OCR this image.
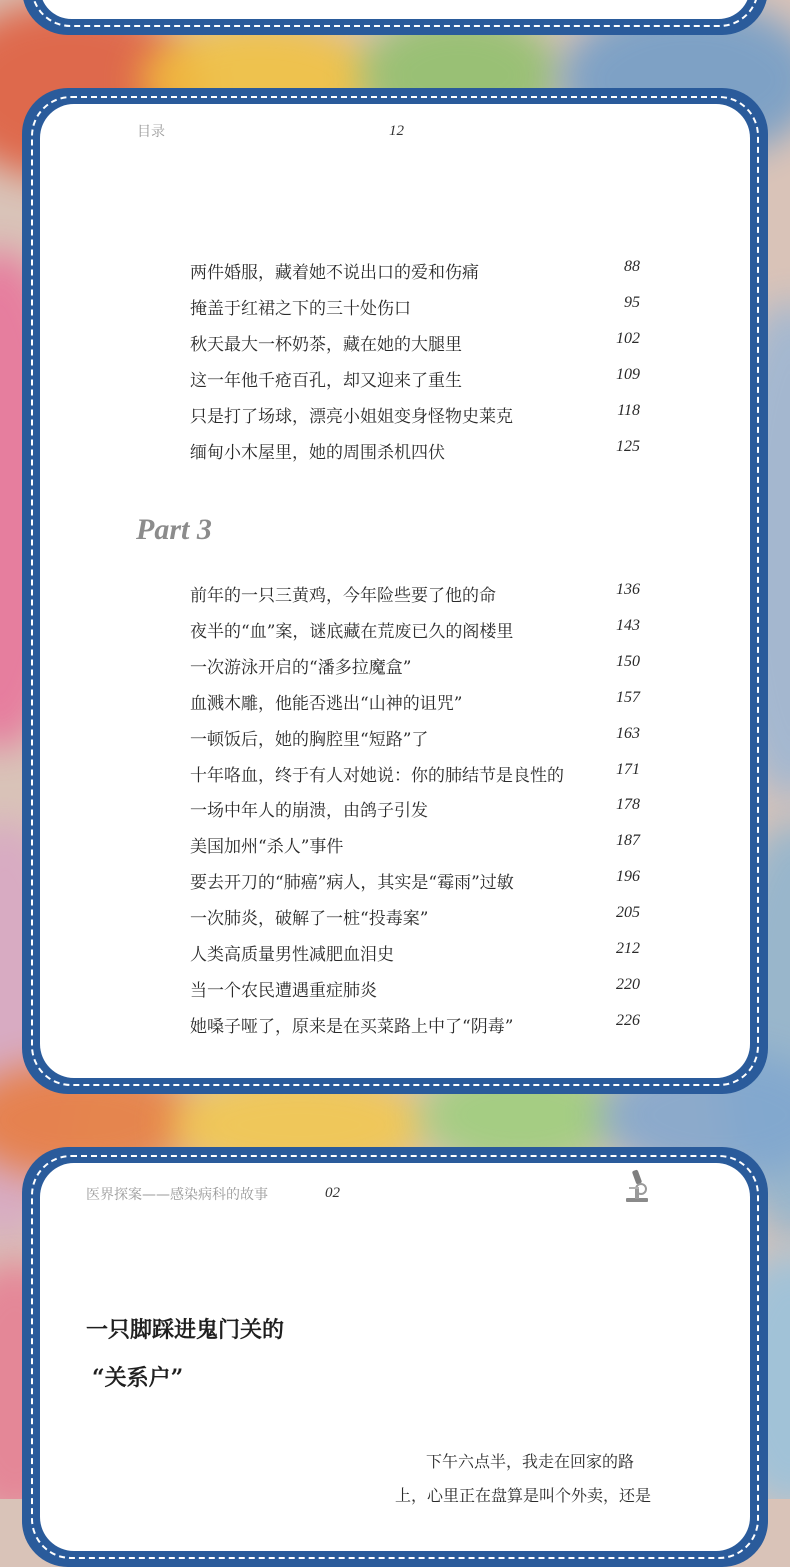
目录	12
两件婚服，藏着她不说出口的爱和伤痛	88
掩盖于红裙之下的三十处伤口	95
秋天最大一杯奶茶，藏在她的大腿里	102
这一年他千疮百孔，却又迎来了重生	109
只是打了场球，漂亮小姐姐变身怪物史莱克	118
缅甸小木屋里，她的周围杀机四伏	125
Part 3
前年的一只三黄鸡，今年险些要了他的命	136
夜半的“血”案，谜底藏在荒废已久的阁楼里	143
一次游泳开启的“潘多拉魔盒”	150
血溅木雕，他能否逃出“山神的诅咒”	157
一顿饭后，她的胸腔里“短路”了	163
十年咯血，终于有人对她说：你的肺结节是良性的	171
一场中年人的崩溃，由鸽子引发	178
美国加州“杀人”事件	187
要去开刀的“肺癌”病人，其实是“霉雨”过敏	196
一次肺炎，破解了一桩“投毒案”	205
人类高质量男性减肥血泪史	212
当一个农民遭遇重症肺炎	220
她嗓子哑了，原来是在买菜路上中了“阴毒”	226
医界探案——感染病科的故事	02
一只脚踩进鬼门关的
“关系户”
下午六点半，我走在回家的路
上，心里正在盘算是叫个外卖，还是
